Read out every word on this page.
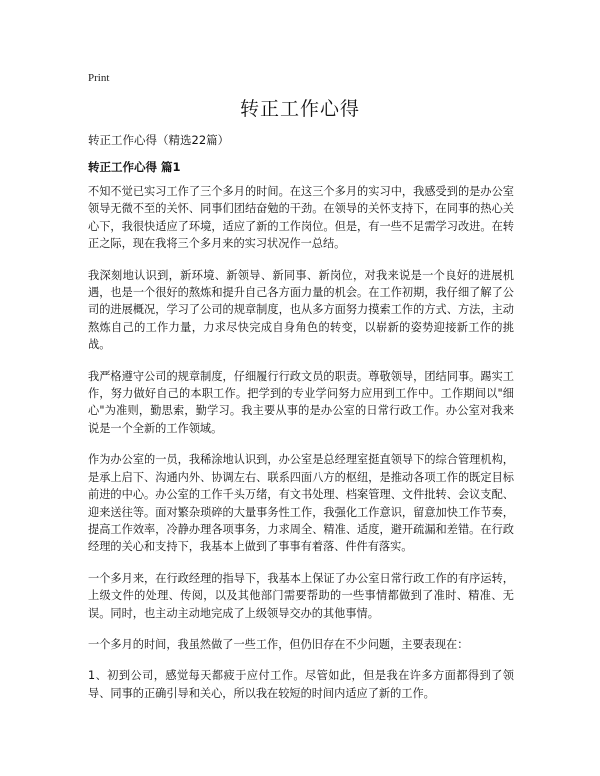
Print

转正工作心得

转正工作心得（精选22篇）

转正工作心得 篇1

不知不觉已实习工作了三个多月的时间。在这三个多月的实习中，我感受到的是办公室领导无微不至的关怀、同事们团结奋勉的干劲。在领导的关怀支持下，在同事的热心关心下，我很快适应了环境，适应了新的工作岗位。但是，有一些不足需学习改进。在转正之际，现在我将三个多月来的实习状况作一总结。

我深刻地认识到，新环境、新领导、新同事、新岗位，对我来说是一个良好的进展机遇，也是一个很好的熬炼和提升自己各方面力量的机会。在工作初期，我仔细了解了公司的进展概况，学习了公司的规章制度，也从多方面努力摸索工作的方式、方法，主动熬炼自己的工作力量，力求尽快完成自身角色的转变，以崭新的姿势迎接新工作的挑战。

我严格遵守公司的规章制度，仔细履行行政文员的职责。尊敬领导，团结同事。踢实工作，努力做好自己的本职工作。把学到的专业学问努力应用到工作中。工作期间以"细心"为准则，勤思索，勤学习。我主要从事的是办公室的日常行政工作。办公室对我来说是一个全新的工作领域。

作为办公室的一员，我稀涂地认识到，办公室是总经理室挺直领导下的综合管理机构，是承上启下、沟通内外、协调左右、联系四面八方的枢纽，是推动各项工作的既定目标前进的中心。办公室的工作千头万绪，有文书处理、档案管理、文件批转、会议支配、迎来送往等。面对繁杂琐碎的大量事务性工作，我强化工作意识，留意加快工作节奏，提高工作效率，冷静办理各项事务，力求周全、精准、适度，避开疏漏和差错。在行政经理的关心和支持下，我基本上做到了事事有着落、件件有落实。

一个多月来，在行政经理的指导下，我基本上保证了办公室日常行政工作的有序运转，上级文件的处理、传阅，以及其他部门需要帮助的一些事情都做到了准时、精准、无误。同时，也主动主动地完成了上级领导交办的其他事情。

一个多月的时间，我虽然做了一些工作，但仍旧存在不少问题，主要表现在：

1、初到公司，感觉每天都疲于应付工作。尽管如此，但是我在许多方面都得到了领导、同事的正确引导和关心，所以我在较短的时间内适应了新的工作。
